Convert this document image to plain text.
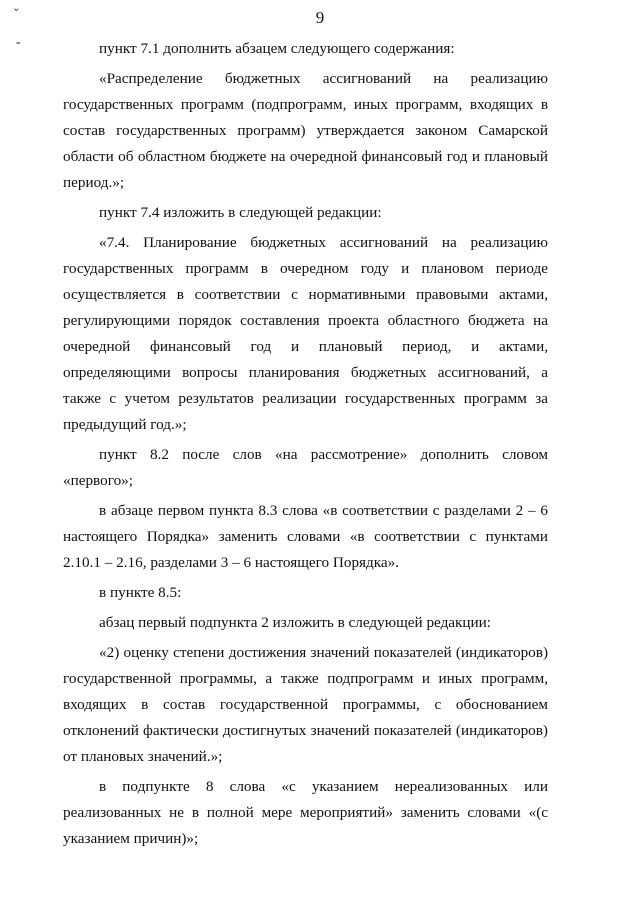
ˇ
-
9

пункт 7.1 дополнить абзацем следующего содержания:

«Распределение бюджетных ассигнований на реализацию государственных программ (подпрограмм, иных программ, входящих в состав государственных программ) утверждается законом Самарской области об областном бюджете на очередной финансовый год и плановый период.»;

пункт 7.4 изложить в следующей редакции:

«7.4. Планирование бюджетных ассигнований на реализацию государственных программ в очередном году и плановом периоде осуществляется в соответствии с нормативными правовыми актами, регулирующими порядок составления проекта областного бюджета на очередной финансовый год и плановый период, и актами, определяющими вопросы планирования бюджетных ассигнований, а также с учетом результатов реализации государственных программ за предыдущий год.»;

пункт 8.2 после слов «на рассмотрение» дополнить словом «первого»;

в абзаце первом пункта 8.3 слова «в соответствии с разделами 2 – 6 настоящего Порядка» заменить словами «в соответствии с пунктами 2.10.1 – 2.16, разделами 3 – 6 настоящего Порядка».

в пункте 8.5:

абзац первый подпункта 2 изложить в следующей редакции:

«2) оценку степени достижения значений показателей (индикаторов) государственной программы, а также подпрограмм и иных программ, входящих в состав государственной программы, с обоснованием отклонений фактически достигнутых значений показателей (индикаторов) от плановых значений.»;

в подпункте 8 слова «с указанием нереализованных или реализованных не в полной мере мероприятий» заменить словами «(с указанием причин)»;
